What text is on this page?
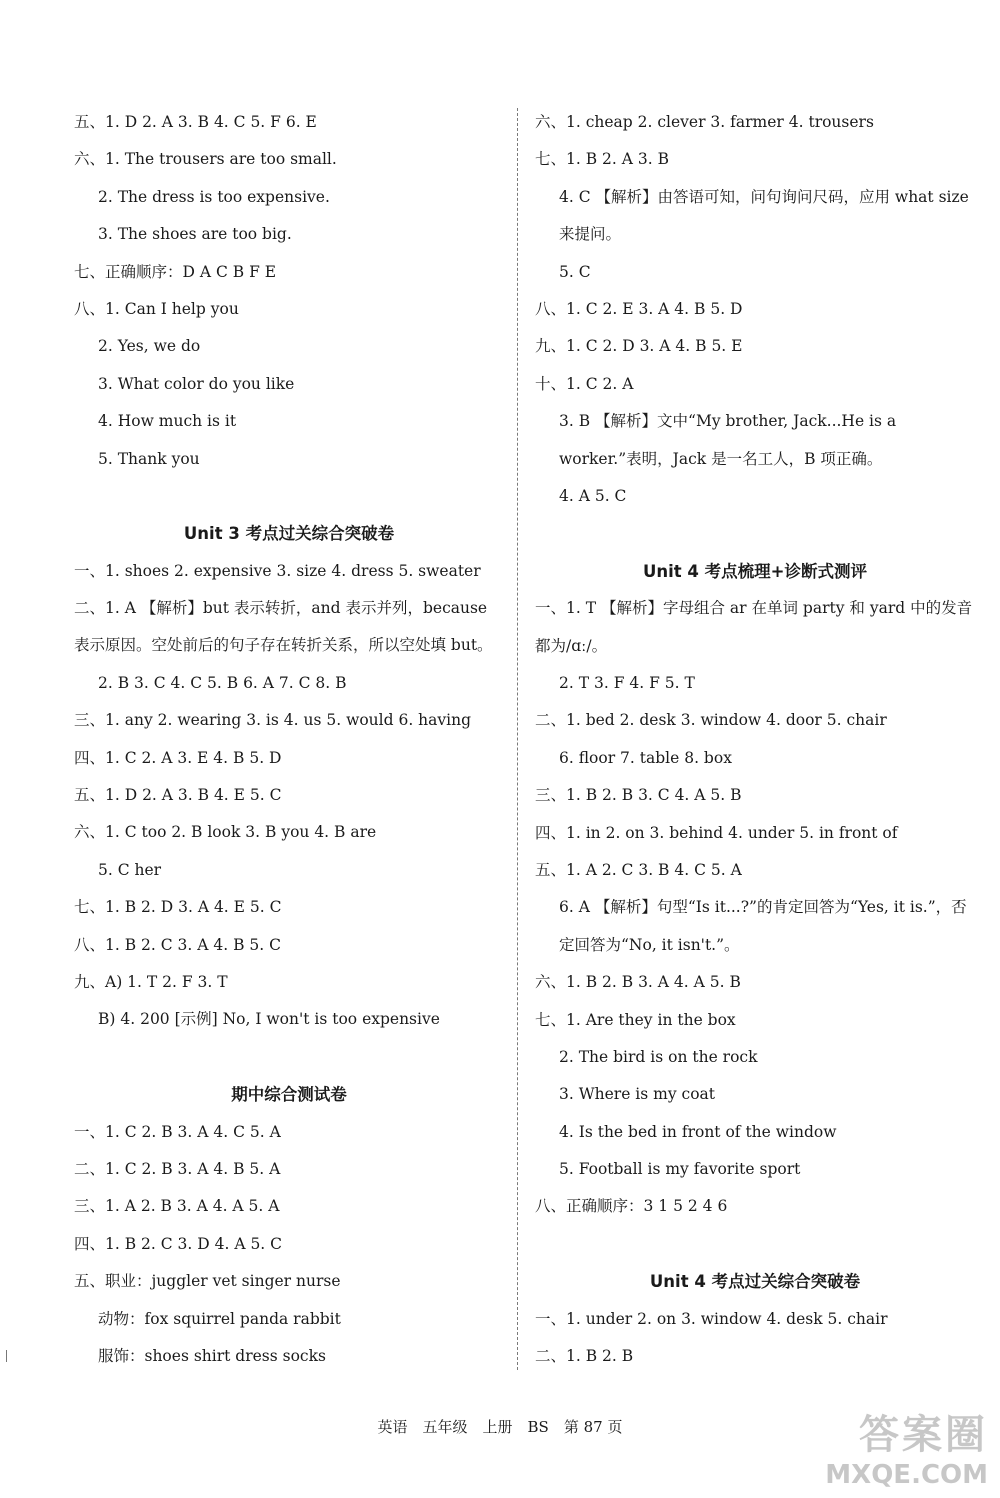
五、1. D 2. A 3. B 4. C 5. F 6. E
六、1. The trousers are too small.
2. The dress is too expensive.
3. The shoes are too big.
七、正确顺序：D A C B F E
八、1. Can I help you
2. Yes, we do
3. What color do you like
4. How much is it
5. Thank you
Unit 3 考点过关综合突破卷
一、1. shoes 2. expensive 3. size 4. dress 5. sweater
二、1. A 【解析】but 表示转折，and 表示并列，because 表示原因。空处前后的句子存在转折关系，所以空处填 but。
2. B 3. C 4. C 5. B 6. A 7. C 8. B
三、1. any 2. wearing 3. is 4. us 5. would 6. having
四、1. C 2. A 3. E 4. B 5. D
五、1. D 2. A 3. B 4. E 5. C
六、1. C too 2. B look 3. B you 4. B are
5. C her
七、1. B 2. D 3. A 4. E 5. C
八、1. B 2. C 3. A 4. B 5. C
九、A) 1. T 2. F 3. T
B) 4. 200 [示例] No, I won't is too expensive
期中综合测试卷
一、1. C 2. B 3. A 4. C 5. A
二、1. C 2. B 3. A 4. B 5. A
三、1. A 2. B 3. A 4. A 5. A
四、1. B 2. C 3. D 4. A 5. C
五、职业：juggler vet singer nurse
动物：fox squirrel panda rabbit
服饰：shoes shirt dress socks
六、1. cheap 2. clever 3. farmer 4. trousers
七、1. B 2. A 3. B
4. C 【解析】由答语可知，问句询问尺码，应用 what size 来提问。
5. C
八、1. C 2. E 3. A 4. B 5. D
九、1. C 2. D 3. A 4. B 5. E
十、1. C 2. A
3. B 【解析】文中“My brother, Jack...He is a worker.”表明，Jack 是一名工人，B 项正确。
4. A 5. C
Unit 4 考点梳理+诊断式测评
一、1. T 【解析】字母组合 ar 在单词 party 和 yard 中的发音都为/ɑː/。
2. T 3. F 4. F 5. T
二、1. bed 2. desk 3. window 4. door 5. chair
6. floor 7. table 8. box
三、1. B 2. B 3. C 4. A 5. B
四、1. in 2. on 3. behind 4. under 5. in front of
五、1. A 2. C 3. B 4. C 5. A
6. A 【解析】句型“Is it...?”的肯定回答为“Yes, it is.”，否定回答为“No, it isn't.”。
六、1. B 2. B 3. A 4. A 5. B
七、1. Are they in the box
2. The bird is on the rock
3. Where is my coat
4. Is the bed in front of the window
5. Football is my favorite sport
八、正确顺序：3 1 5 2 4 6
Unit 4 考点过关综合突破卷
一、1. under 2. on 3. window 4. desk 5. chair
二、1. B 2. B
英语　五年级　上册　BS　第 87 页	答案圈
MXQE.COM
